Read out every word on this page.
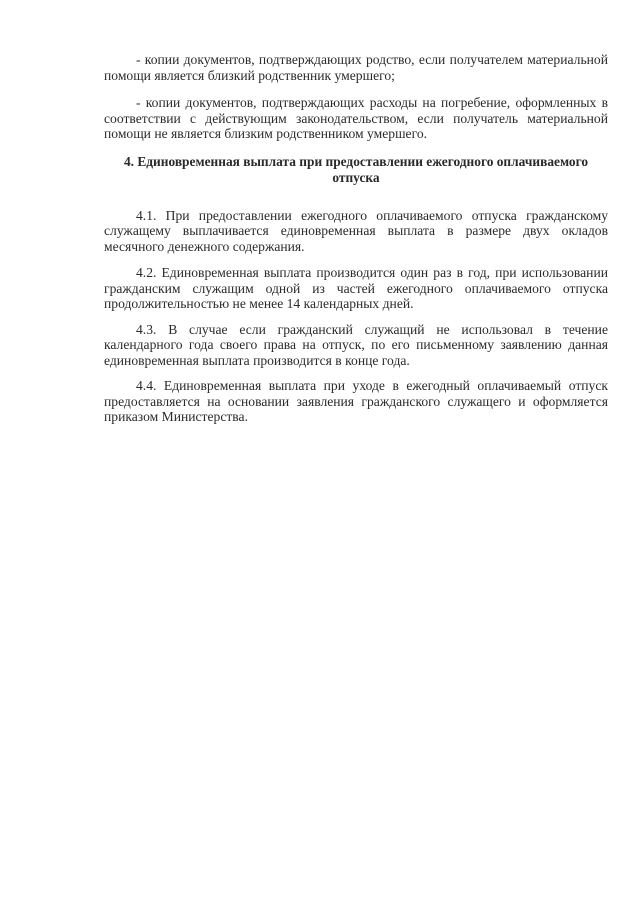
- копии документов, подтверждающих родство, если получателем материальной помощи является близкий родственник умершего;

- копии документов, подтверждающих расходы на погребение, оформленных в соответствии с действующим законодательством, если получатель материальной помощи не является близким родственником умершего.

4. Единовременная выплата при предоставлении ежегодного оплачиваемого отпуска

4.1. При предоставлении ежегодного оплачиваемого отпуска гражданскому служащему выплачивается единовременная выплата в размере двух окладов месячного денежного содержания.

4.2. Единовременная выплата производится один раз в год, при использовании гражданским служащим одной из частей ежегодного оплачиваемого отпуска продолжительностью не менее 14 календарных дней.

4.3. В случае если гражданский служащий не использовал в течение календарного года своего права на отпуск, по его письменному заявлению данная единовременная выплата производится в конце года.

4.4. Единовременная выплата при уходе в ежегодный оплачиваемый отпуск предоставляется на основании заявления гражданского служащего и оформляется приказом Министерства.
